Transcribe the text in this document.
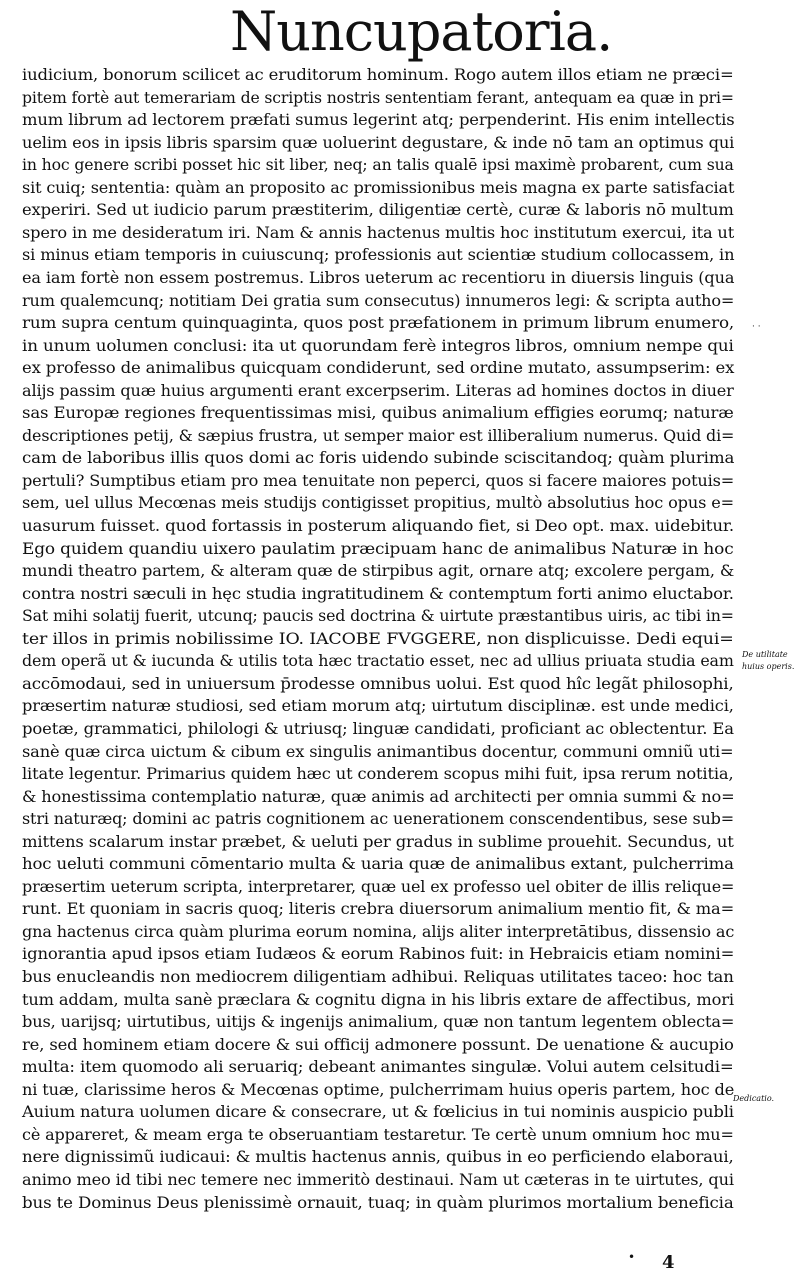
Nuncupatoria.
iudicium, bonorum scilicet ac eruditorum hominum. Rogo autem illos etiam ne præci=
pitem fortè aut temerariam de scriptis nostris sententiam ferant, antequam ea quæ in pri=
mum librum ad lectorem præfati sumus legerint atq; perpenderint. His enim intellectis
uelim eos in ipsis libris sparsim quæ uoluerint degustare, & inde nō tam an optimus qui
in hoc genere scribi posset hic sit liber, neq; an talis qualē ipsi maximè probarent, cum sua
sit cuiq; sententia: quàm an proposito ac promissionibus meis magna ex parte satisfaciat
experiri. Sed ut iudicio parum præstiterim, diligentiæ certè, curæ & laboris nō multum
spero in me desideratum iri. Nam & annis hactenus multis hoc institutum exercui, ita ut
si minus etiam temporis in cuiuscunq; professionis aut scientiæ studium collocassem, in
ea iam fortè non essem postremus. Libros ueterum ac recentioru in diuersis linguis (qua
rum qualemcunq; notitiam Dei gratia sum consecutus) innumeros legi: & scripta autho=
rum supra centum quinquaginta, quos post præfationem in primum librum enumero,
in unum uolumen conclusi: ita ut quorundam ferè integros libros, omnium nempe qui
ex professo de animalibus quicquam condiderunt, sed ordine mutato, assumpserim: ex
alijs passim quæ huius argumenti erant excerpserim. Literas ad homines doctos in diuer
sas Europæ regiones frequentissimas misi, quibus animalium effigies eorumq; naturæ
descriptiones petij, & sæpius frustra, ut semper maior est illiberalium numerus. Quid di=
cam de laboribus illis quos domi ac foris uidendo subinde sciscitandoq; quàm plurima
pertuli? Sumptibus etiam pro mea tenuitate non peperci, quos si facere maiores potuis=
sem, uel ullus Mecœnas meis studijs contigisset propitius, multò absolutius hoc opus e=
uasurum fuisset. quod fortassis in posterum aliquando fiet, si Deo opt. max. uidebitur.
Ego quidem quandiu uixero paulatim præcipuam hanc de animalibus Naturæ in hoc
mundi theatro partem, & alteram quæ de stirpibus agit, ornare atq; excolere pergam, &
contra nostri sæculi in hęc studia ingratitudinem & contemptum forti animo eluctabor.
Sat mihi solatij fuerit, utcunq; paucis sed doctrina & uirtute præstantibus uiris, ac tibi in=
ter illos in primis nobilissime IO. IACOBE FVGGERE, non displicuisse. Dedi equi=
dem operã ut & iucunda & utilis tota hæc tractatio esset, nec ad ullius priuata studia eam
accōmodaui, sed in uniuersum p̄rodesse omnibus uolui. Est quod hîc legãt philosophi,
præsertim naturæ studiosi, sed etiam morum atq; uirtutum disciplinæ. est unde medici,
poetæ, grammatici, philologi & utriusq; linguæ candidati, proficiant ac oblectentur. Ea
sanè quæ circa uictum & cibum ex singulis animantibus docentur, communi omniũ uti=
litate legentur. Primarius quidem hæc ut conderem scopus mihi fuit, ipsa rerum notitia,
& honestissima contemplatio naturæ, quæ animis ad architecti per omnia summi & no=
stri naturæq; domini ac patris cognitionem ac uenerationem conscendentibus, sese sub=
mittens scalarum instar præbet, & ueluti per gradus in sublime prouehit. Secundus, ut
hoc ueluti communi cōmentario multa & uaria quæ de animalibus extant, pulcherrima
præsertim ueterum scripta, interpretarer, quæ uel ex professo uel obiter de illis relique=
runt. Et quoniam in sacris quoq; literis crebra diuersorum animalium mentio fit, & ma=
gna hactenus circa quàm plurima eorum nomina, alijs aliter interpretātibus, dissensio ac
ignorantia apud ipsos etiam Iudæos & eorum Rabinos fuit: in Hebraicis etiam nomini=
bus enucleandis non mediocrem diligentiam adhibui. Reliquas utilitates taceo: hoc tan
tum addam, multa sanè præclara & cognitu digna in his libris extare de affectibus, mori
bus, uarijsq; uirtutibus, uitijs & ingenijs animalium, quæ non tantum legentem oblecta=
re, sed hominem etiam docere & sui officij admonere possunt. De uenatione & aucupio
multa: item quomodo ali seruariq; debeant animantes singulæ. Volui autem celsitudi=
ni tuæ, clarissime heros & Mecœnas optime, pulcherrimam huius operis partem, hoc de
Auium natura uolumen dicare & consecrare, ut & fœlicius in tui nominis auspicio publi
cè appareret, & meam erga te obseruantiam testaretur. Te certè unum omnium hoc mu=
nere dignissimũ iudicaui: & multis hactenus annis, quibus in eo perficiendo elaboraui,
animo meo id tibi nec temere nec immeritò destinaui. Nam ut cæteras in te uirtutes, qui
bus te Dominus Deus plenissimè ornauit, tuaq; in quàm plurimos mortalium beneficia
· ·
De utilitate
huius operis.
Dedicatio.
• 4
